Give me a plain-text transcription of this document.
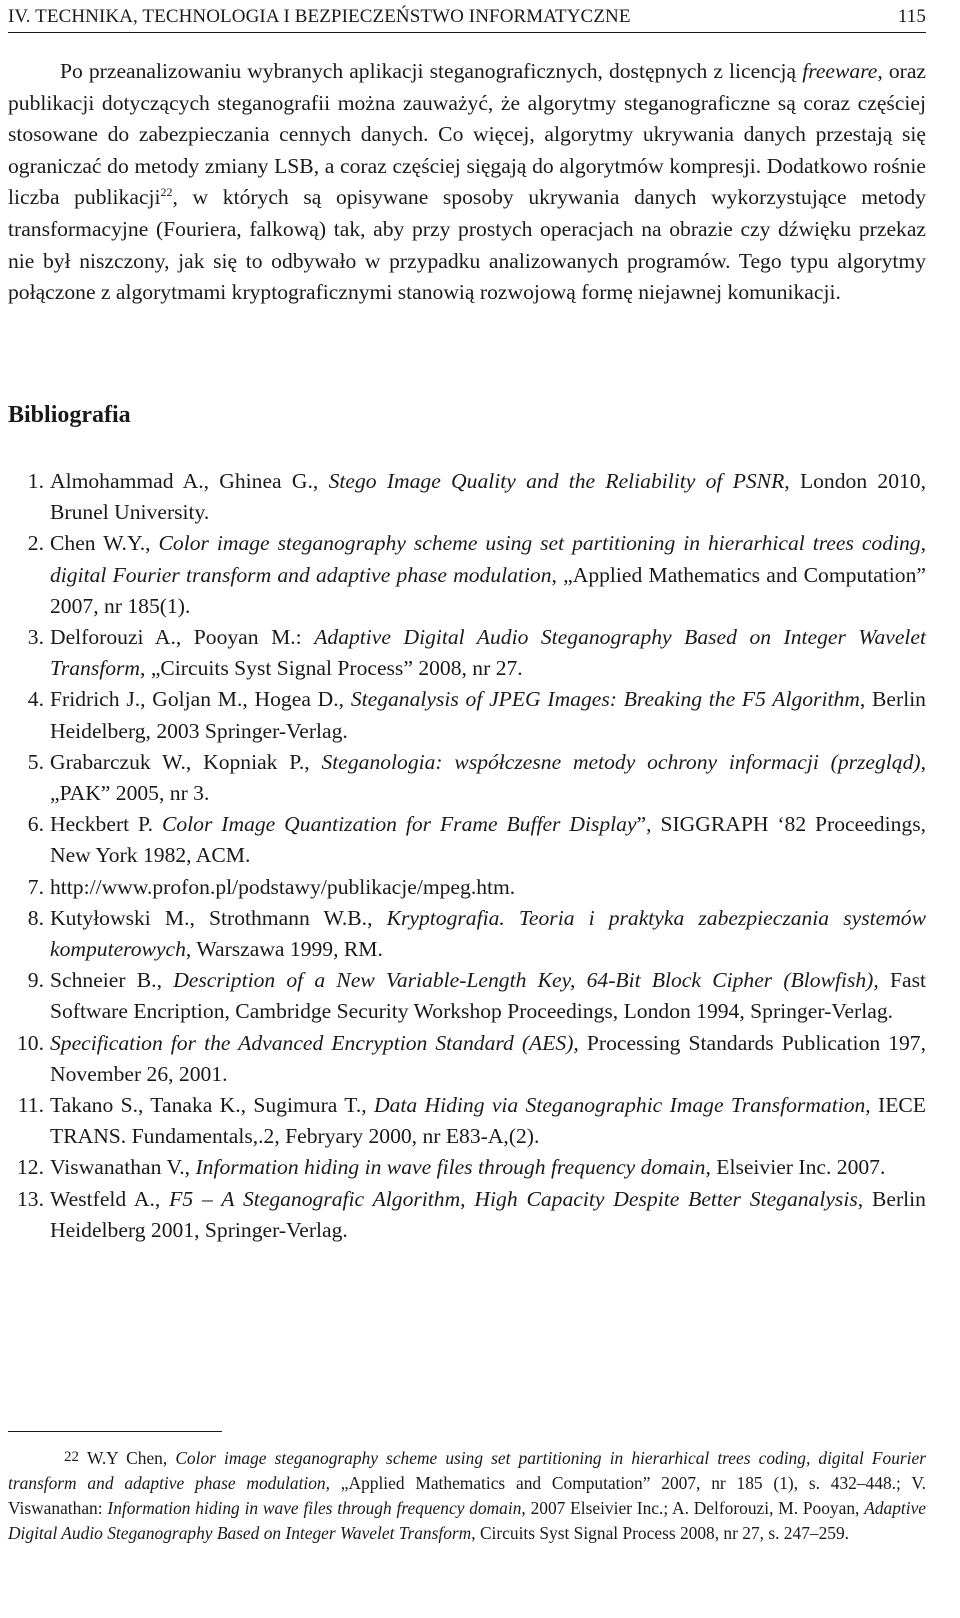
IV. TECHNIKA, TECHNOLOGIA I BEZPIECZEŃSTWO INFORMATYCZNE	115

Po przeanalizowaniu wybranych aplikacji steganograficznych, dostępnych z licencją freeware, oraz publikacji dotyczących steganografii można zauważyć, że algorytmy steganograficzne są coraz częściej stosowane do zabezpieczania cennych danych. Co więcej, algorytmy ukrywania danych przestają się ograniczać do metody zmiany LSB, a coraz częściej sięgają do algorytmów kompresji. Dodatkowo rośnie liczba publikacji$^{22}$, w których są opisywane sposoby ukrywania danych wykorzystujące metody transformacyjne (Fouriera, falkową) tak, aby przy prostych operacjach na obrazie czy dźwięku przekaz nie był niszczony, jak się to odbywało w przypadku analizowanych programów. Tego typu algorytmy połączone z algorytmami kryptograficznymi stanowią rozwojową formę niejawnej komunikacji.

Bibliografia
1. Almohammad A., Ghinea G., Stego Image Quality and the Reliability of PSNR, London 2010, Brunel University.
2. Chen W.Y., Color image steganography scheme using set partitioning in hierarhical trees coding, digital Fourier transform and adaptive phase modulation, „Applied Mathematics and Computation” 2007, nr 185(1).
3. Delforouzi A., Pooyan M.: Adaptive Digital Audio Steganography Based on Integer Wavelet Transform, „Circuits Syst Signal Process” 2008, nr 27.
4. Fridrich J., Goljan M., Hogea D., Steganalysis of JPEG Images: Breaking the F5 Algorithm, Berlin Heidelberg, 2003 Springer-Verlag.
5. Grabarczuk W., Kopniak P., Steganologia: współczesne metody ochrony informacji (przegląd), „PAK” 2005, nr 3.
6. Heckbert P. Color Image Quantization for Frame Buffer Display”, SIGGRAPH ‘82 Proceedings, New York 1982, ACM.
7. http://www.profon.pl/podstawy/publikacje/mpeg.htm.
8. Kutyłowski M., Strothmann W.B., Kryptografia. Teoria i praktyka zabezpieczania systemów komputerowych, Warszawa 1999, RM.
9. Schneier B., Description of a New Variable-Length Key, 64-Bit Block Cipher (Blowfish), Fast Software Encription, Cambridge Security Workshop Proceedings, London 1994, Springer-Verlag.
10. Specification for the Advanced Encryption Standard (AES), Processing Standards Publication 197, November 26, 2001.
11. Takano S., Tanaka K., Sugimura T., Data Hiding via Steganographic Image Transformation, IECE TRANS. Fundamentals,.2, Febryary 2000, nr E83-A,(2).
12. Viswanathan V., Information hiding in wave files through frequency domain, Elseivier Inc. 2007.
13. Westfeld A., F5 – A Steganografic Algorithm, High Capacity Despite Better Steganalysis, Berlin Heidelberg 2001, Springer-Verlag.

22 W.Y Chen, Color image steganography scheme using set partitioning in hierarhical trees coding, digital Fourier transform and adaptive phase modulation, „Applied Mathematics and Computation” 2007, nr 185 (1), s. 432–448.; V. Viswanathan: Information hiding in wave files through frequency domain, 2007 Elseivier Inc.; A. Delforouzi, M. Pooyan, Adaptive Digital Audio Steganography Based on Integer Wavelet Transform, Circuits Syst Signal Process 2008, nr 27, s. 247–259.
